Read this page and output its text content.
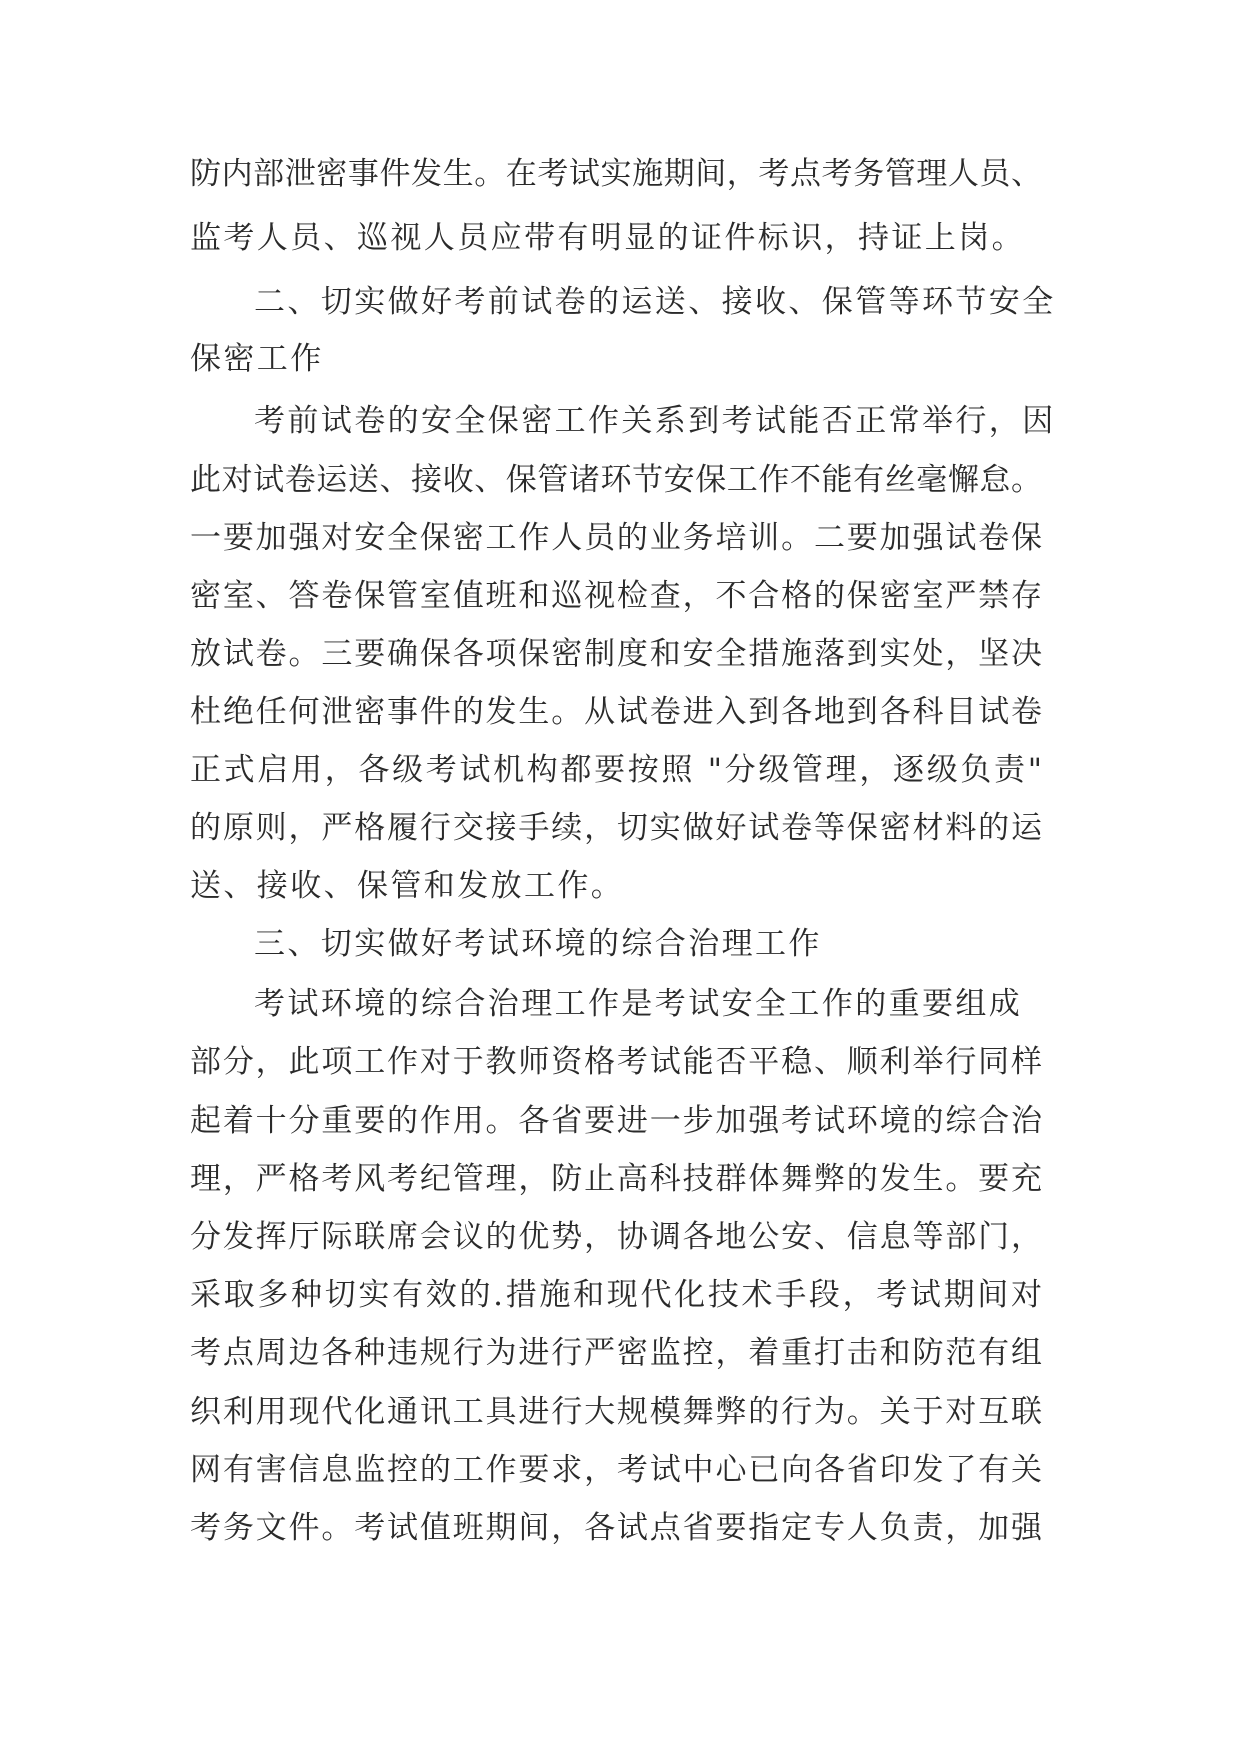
防内部泄密事件发生。在考试实施期间，考点考务管理人员、
监考人员、巡视人员应带有明显的证件标识，持证上岗。
二、切实做好考前试卷的运送、接收、保管等环节安全
保密工作
考前试卷的安全保密工作关系到考试能否正常举行，因
此对试卷运送、接收、保管诸环节安保工作不能有丝毫懈怠。
一要加强对安全保密工作人员的业务培训。二要加强试卷保
密室、答卷保管室值班和巡视检查，不合格的保密室严禁存
放试卷。三要确保各项保密制度和安全措施落到实处，坚决
杜绝任何泄密事件的发生。从试卷进入到各地到各科目试卷
正式启用，各级考试机构都要按照 "分级管理，逐级负责"
的原则，严格履行交接手续，切实做好试卷等保密材料的运
送、接收、保管和发放工作。
三、切实做好考试环境的综合治理工作
考试环境的综合治理工作是考试安全工作的重要组成
部分，此项工作对于教师资格考试能否平稳、顺利举行同样
起着十分重要的作用。各省要进一步加强考试环境的综合治
理，严格考风考纪管理，防止高科技群体舞弊的发生。要充
分发挥厅际联席会议的优势，协调各地公安、信息等部门，
采取多种切实有效的.措施和现代化技术手段，考试期间对
考点周边各种违规行为进行严密监控，着重打击和防范有组
织利用现代化通讯工具进行大规模舞弊的行为。关于对互联
网有害信息监控的工作要求，考试中心已向各省印发了有关
考务文件。考试值班期间，各试点省要指定专人负责，加强
